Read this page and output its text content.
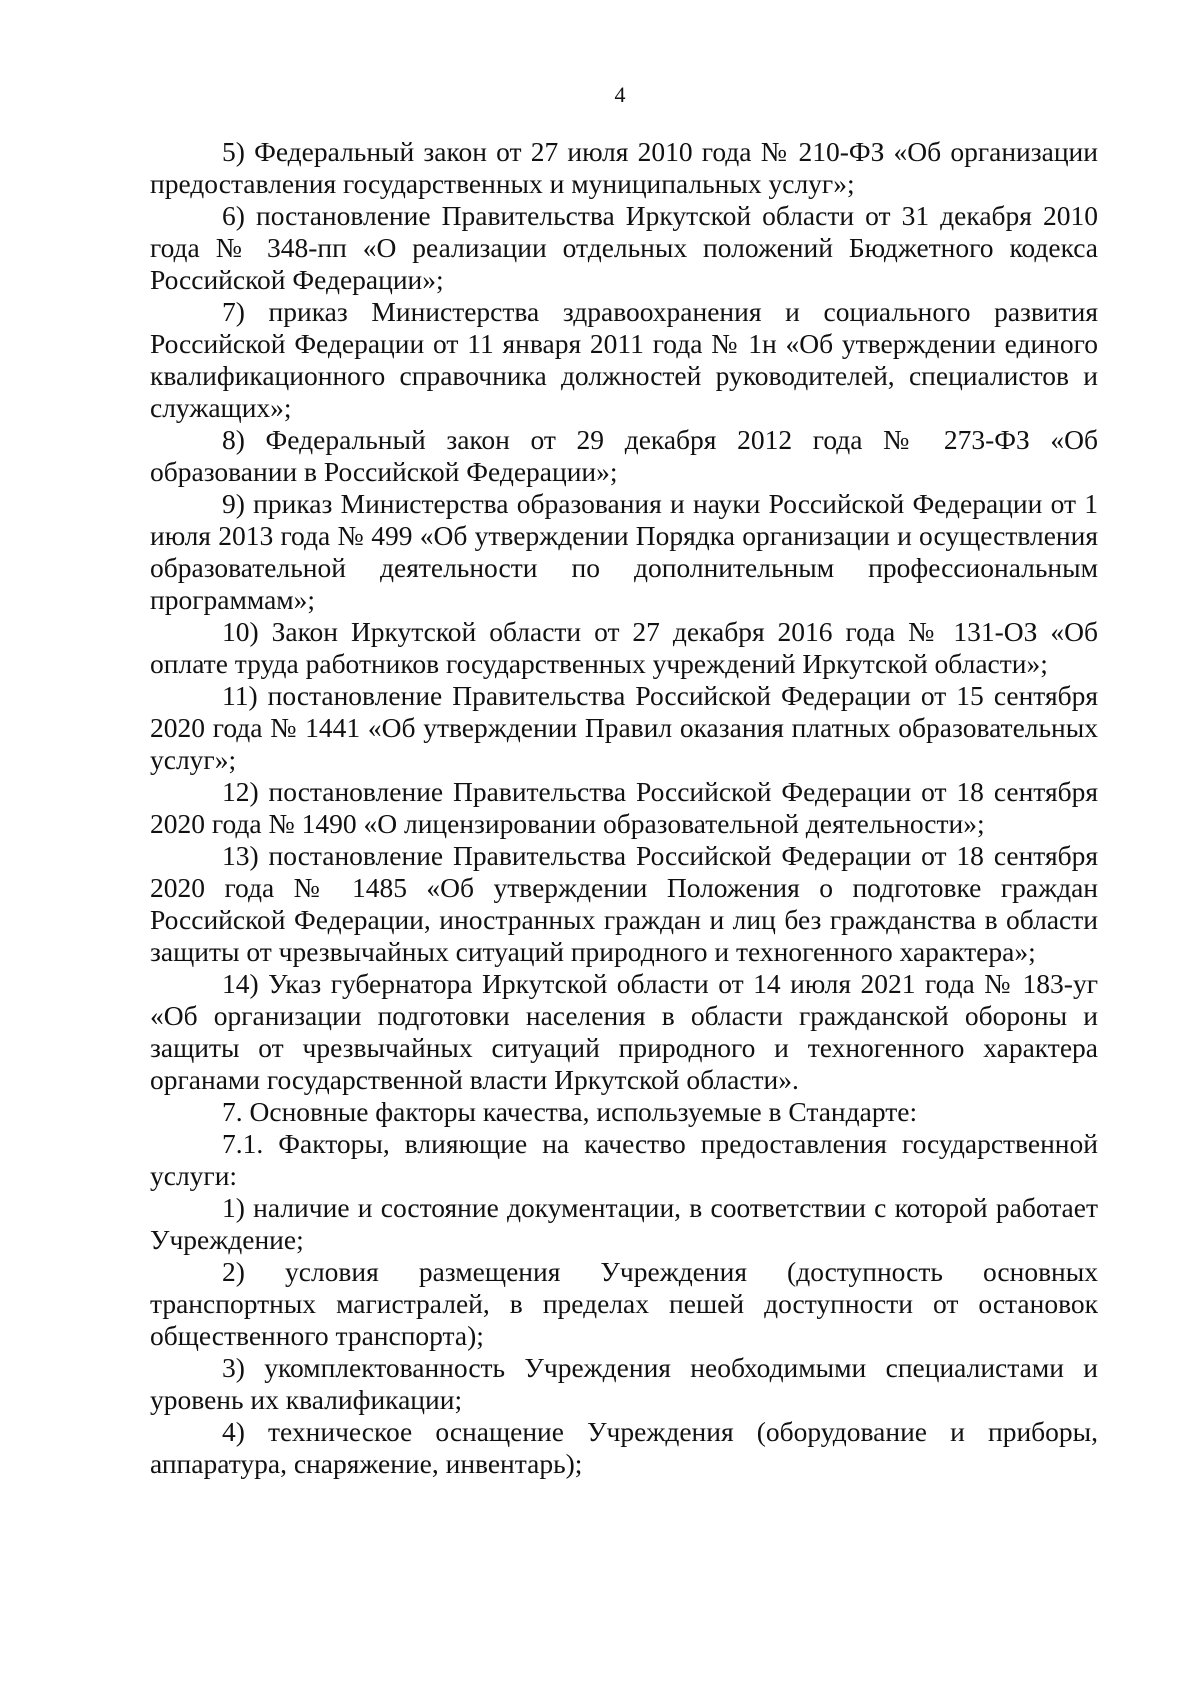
4

5) Федеральный закон от 27 июля 2010 года № 210-ФЗ «Об организации предоставления государственных и муниципальных услуг»;

6) постановление Правительства Иркутской области от 31 декабря 2010 года № 348-пп «О реализации отдельных положений Бюджетного кодекса Российской Федерации»;

7) приказ Министерства здравоохранения и социального развития Российской Федерации от 11 января 2011 года № 1н «Об утверждении единого квалификационного справочника должностей руководителей, специалистов и служащих»;

8) Федеральный закон от 29 декабря 2012 года № 273-ФЗ «Об образовании в Российской Федерации»;

9) приказ Министерства образования и науки Российской Федерации от 1 июля 2013 года № 499 «Об утверждении Порядка организации и осуществления образовательной деятельности по дополнительным профессиональным программам»;

10) Закон Иркутской области от 27 декабря 2016 года № 131-ОЗ «Об оплате труда работников государственных учреждений Иркутской области»;

11) постановление Правительства Российской Федерации от 15 сентября 2020 года № 1441 «Об утверждении Правил оказания платных образовательных услуг»;

12) постановление Правительства Российской Федерации от 18 сентября 2020 года № 1490 «О лицензировании образовательной деятельности»;

13) постановление Правительства Российской Федерации от 18 сентября 2020 года № 1485 «Об утверждении Положения о подготовке граждан Российской Федерации, иностранных граждан и лиц без гражданства в области защиты от чрезвычайных ситуаций природного и техногенного характера»;

14) Указ губернатора Иркутской области от 14 июля 2021 года № 183-уг «Об организации подготовки населения в области гражданской обороны и защиты от чрезвычайных ситуаций природного и техногенного характера органами государственной власти Иркутской области».

7. Основные факторы качества, используемые в Стандарте:

7.1. Факторы, влияющие на качество предоставления государственной услуги:

1) наличие и состояние документации, в соответствии с которой работает Учреждение;

2) условия размещения Учреждения (доступность основных транспортных магистралей, в пределах пешей доступности от остановок общественного транспорта);

3) укомплектованность Учреждения необходимыми специалистами и уровень их квалификации;

4) техническое оснащение Учреждения (оборудование и приборы, аппаратура, снаряжение, инвентарь);
